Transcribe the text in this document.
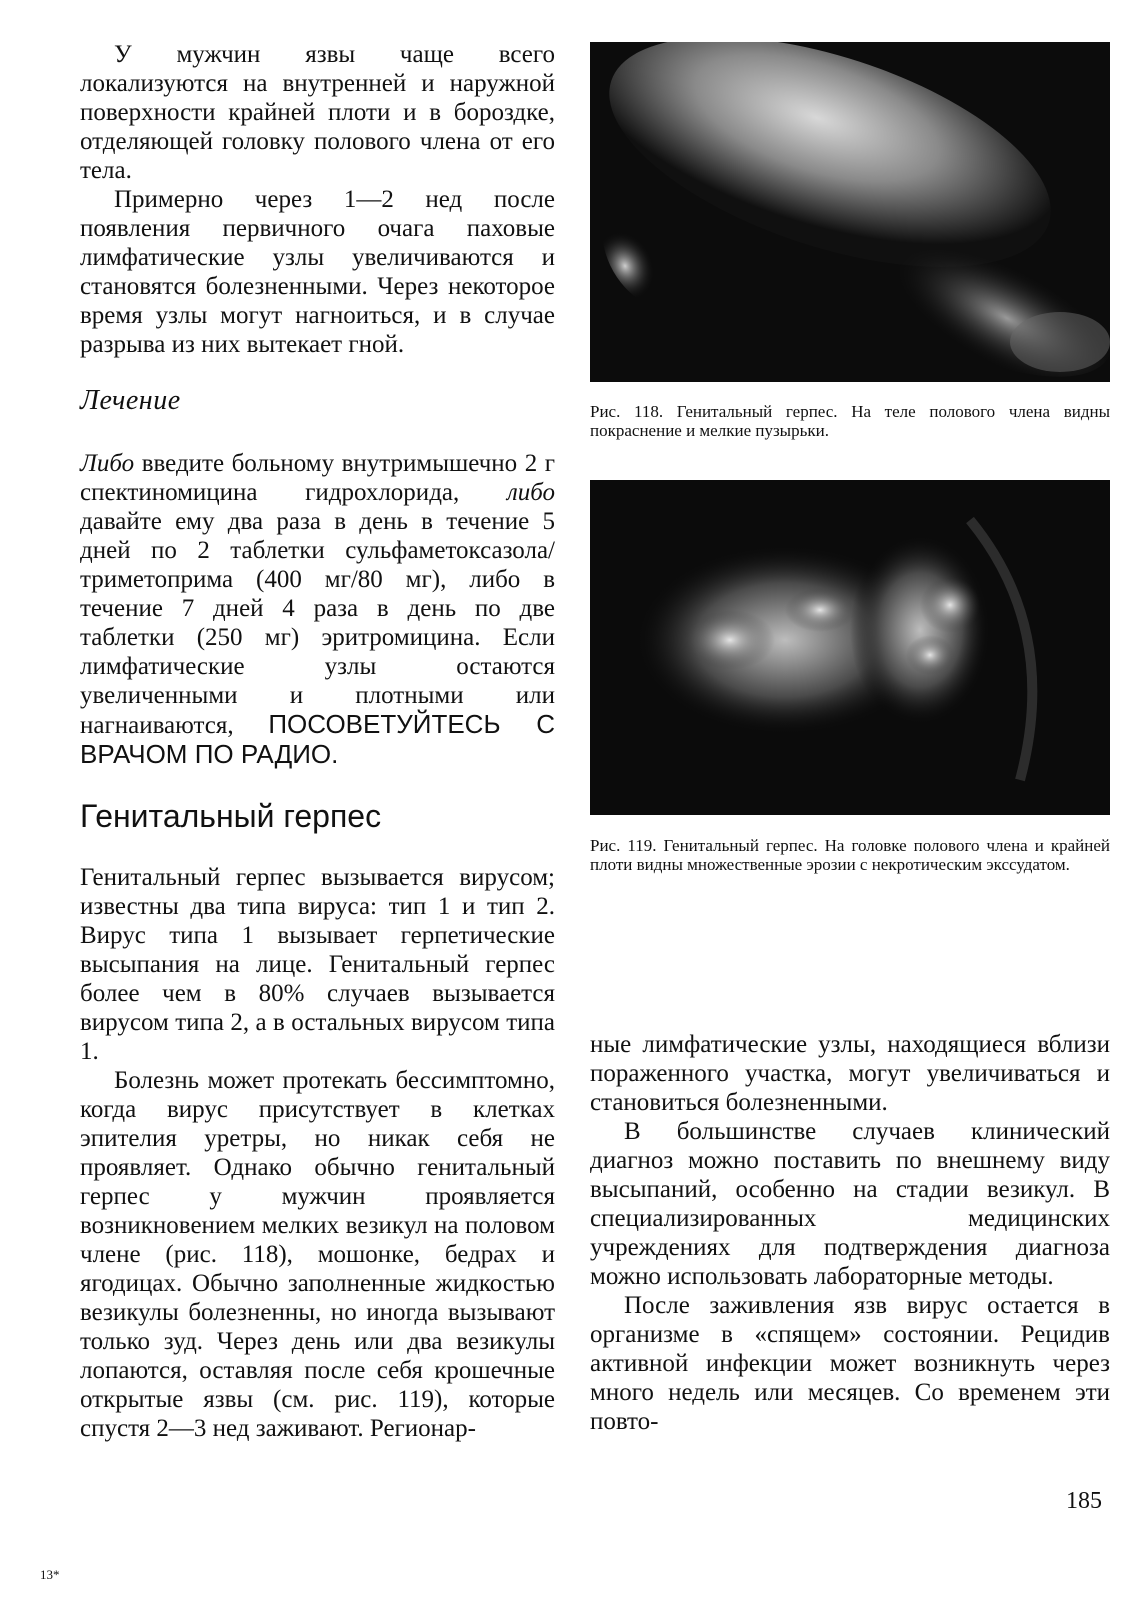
У мужчин язвы чаще всего локализуются на внутренней и наружной поверхности крайней плоти и в бороздке, отделяющей головку полового члена от его тела.

Примерно через 1—2 нед после появления первичного очага паховые лимфатические узлы увеличиваются и становятся болезненными. Через некоторое время узлы могут нагноиться, и в случае разрыва из них вытекает гной.

Лечение

Либо введите больному внутримышечно 2 г спектиномицина гидрохлорида, либо давайте ему два раза в день в течение 5 дней по 2 таблетки сульфаметоксазола/триметоприма (400 мг/80 мг), либо в течение 7 дней 4 раза в день по две таблетки (250 мг) эритромицина. Если лимфатические узлы остаются увеличенными и плотными или нагнаиваются, ПОСОВЕТУЙТЕСЬ С ВРАЧОМ ПО РАДИО.

Генитальный герпес

Генитальный герпес вызывается вирусом; известны два типа вируса: тип 1 и тип 2. Вирус типа 1 вызывает герпетические высыпания на лице. Генитальный герпес более чем в 80% случаев вызывается вирусом типа 2, а в остальных вирусом типа 1.

Болезнь может протекать бессимптомно, когда вирус присутствует в клетках эпителия уретры, но никак себя не проявляет. Однако обычно генитальный герпес у мужчин проявляется возникновением мелких везикул на половом члене (рис. 118), мошонке, бедрах и ягодицах. Обычно заполненные жидкостью везикулы болезненны, но иногда вызывают только зуд. Через день или два везикулы лопаются, оставляя после себя крошечные открытые язвы (см. рис. 119), которые спустя 2—3 нед заживают. Регионар-

Рис. 118. Генитальный герпес. На теле полового члена видны покраснение и мелкие пузырьки.
Рис. 119. Генитальный герпес. На головке полового члена и крайней плоти видны множественные эрозии с некротическим экссудатом.

ные лимфатические узлы, находящиеся вблизи пораженного участка, могут увеличиваться и становиться болезненными.

В большинстве случаев клинический диагноз можно поставить по внешнему виду высыпаний, особенно на стадии везикул. В специализированных медицинских учреждениях для подтверждения диагноза можно использовать лабораторные методы.

После заживления язв вирус остается в организме в «спящем» состоянии. Рецидив активной инфекции может возникнуть через много недель или месяцев. Со временем эти повто-

185
13*
